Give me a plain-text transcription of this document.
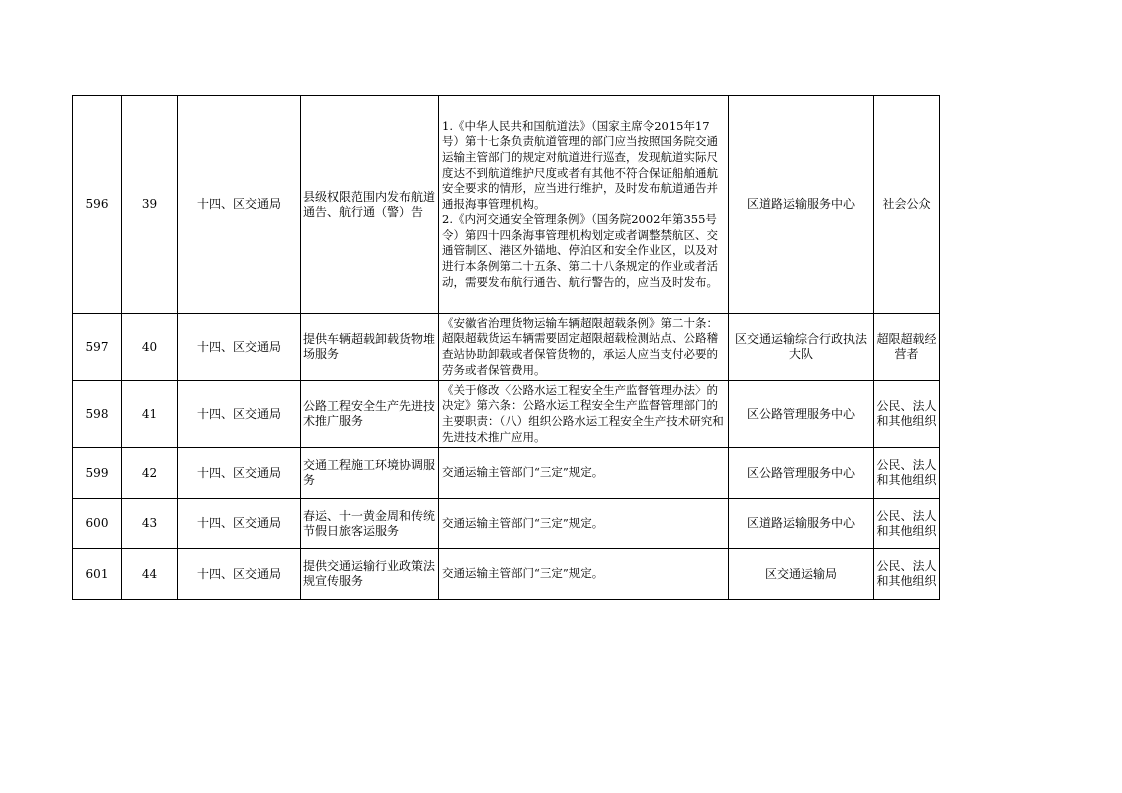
596	39	十四、区交通局	县级权限范围内发布航道通告、航行通（警）告	1.《中华人民共和国航道法》（国家主席令2015年17号）第十七条负责航道管理的部门应当按照国务院交通运输主管部门的规定对航道进行巡查，发现航道实际尺度达不到航道维护尺度或者有其他不符合保证船舶通航安全要求的情形，应当进行维护，及时发布航道通告并通报海事管理机构。
2.《内河交通安全管理条例》（国务院2002年第355号令）第四十四条海事管理机构划定或者调整禁航区、交通管制区、港区外锚地、停泊区和安全作业区，以及对进行本条例第二十五条、第二十八条规定的作业或者活动，需要发布航行通告、航行警告的，应当及时发布。	区道路运输服务中心	社会公众
597	40	十四、区交通局	提供车辆超载卸载货物堆场服务	《安徽省治理货物运输车辆超限超载条例》第二十条：超限超载货运车辆需要固定超限超载检测站点、公路稽查站协助卸载或者保管货物的，承运人应当支付必要的劳务或者保管费用。	区交通运输综合行政执法大队	超限超载经营者
598	41	十四、区交通局	公路工程安全生产先进技术推广服务	《关于修改〈公路水运工程安全生产监督管理办法〉的决定》第六条：公路水运工程安全生产监督管理部门的主要职责：（八）组织公路水运工程安全生产技术研究和先进技术推广应用。	区公路管理服务中心	公民、法人和其他组织
599	42	十四、区交通局	交通工程施工环境协调服务	交通运输主管部门“三定”规定。	区公路管理服务中心	公民、法人和其他组织
600	43	十四、区交通局	春运、十一黄金周和传统节假日旅客运服务	交通运输主管部门“三定”规定。	区道路运输服务中心	公民、法人和其他组织
601	44	十四、区交通局	提供交通运输行业政策法规宣传服务	交通运输主管部门“三定”规定。	区交通运输局	公民、法人和其他组织
